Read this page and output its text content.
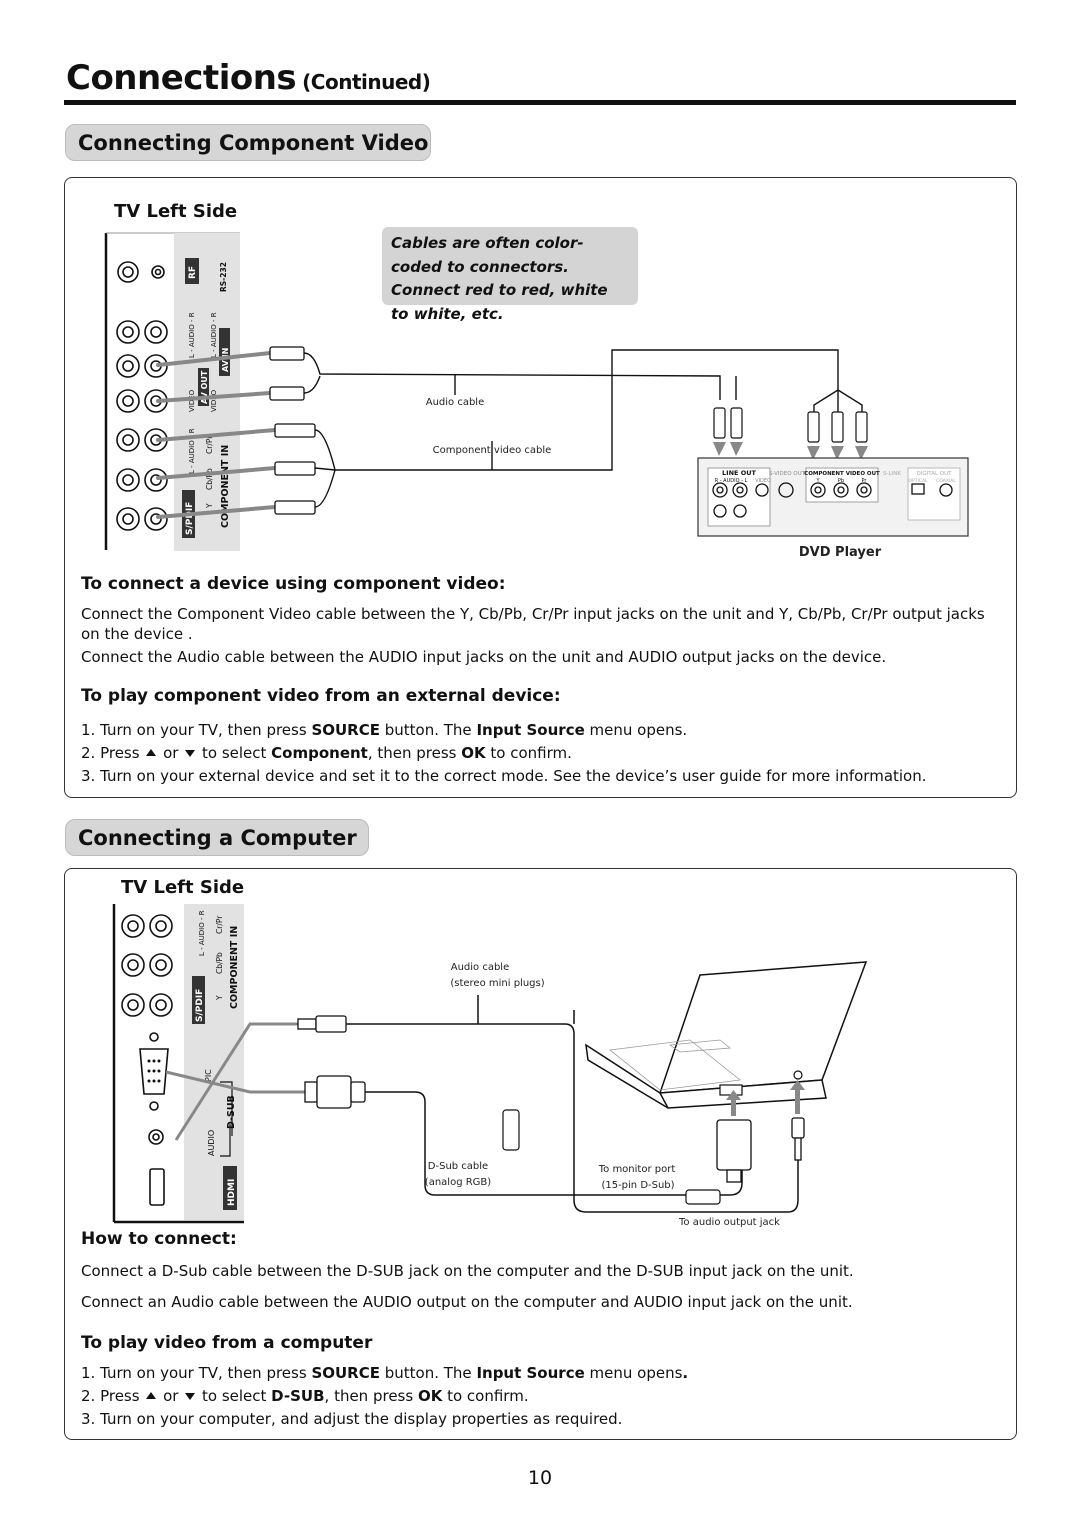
Connections (Continued)
Connecting Component Video
TV Left Side
Cables are often color-coded to connectors. Connect red to red, white to white, etc.
RF	RS-232
L - AUDIO - R
VIDEO AV OUT
L - AUDIO - R
VIDEO
AV IN
L - AUDIO - R Cr/Pr
Cb/Pb
Y COMPONENT IN
S/PDIF
LINE OUT
R - AUDIO - L VIDEO
S-VIDEO OUT COMPONENT VIDEO OUT
Y	Pb	Pr
S-LINK	DIGITAL OUT
OPTICAL COAXIAL
Audio cable
Component video cable
DVD Player
To connect a device using component video:
Connect the Component Video cable between the Y, Cb/Pb, Cr/Pr input jacks on the unit and Y, Cb/Pb, Cr/Pr output jacks on the device .
Connect the Audio cable between the AUDIO input jacks on the unit and AUDIO output jacks on the device.
To play component video from an external device:
1. Turn on your TV, then press SOURCE button. The Input Source menu opens.
2. Press  or  to select Component, then press OK to confirm.
3. Turn on your external device and set it to the correct mode. See the device’s user guide for more information.
Connecting a Computer
TV Left Side
L - AUDIO - R Cr/Pr
Cb/Pb
Y COMPONENT IN
S/PDIF
PIC
D-SUB
AUDIO
HDMI
Audio cable
(stereo mini plugs)
D-Sub cable
(analog RGB)
To monitor port
(15-pin D-Sub)
To audio output jack
How to connect:
Connect a D-Sub cable between the D-SUB jack on the computer and the D-SUB input jack on the unit.
Connect an Audio cable between the AUDIO output on the computer and AUDIO input jack on the unit.
To play video from a computer
1. Turn on your TV, then press SOURCE button. The Input Source menu opens.
2. Press  or  to select D-SUB, then press OK to confirm.
3. Turn on your computer, and adjust the display properties as required.
10
